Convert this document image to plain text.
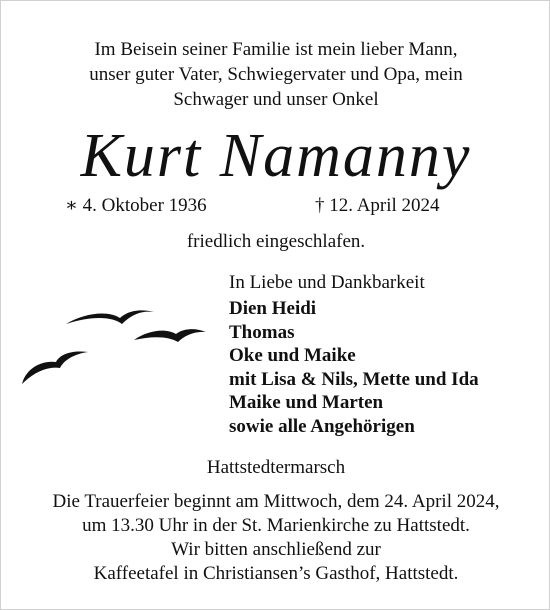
Im Beisein seiner Familie ist mein lieber Mann,
unser guter Vater, Schwiegervater und Opa, mein
Schwager und unser Onkel
Kurt Namanny
∗ 4. Oktober 1936	† 12. April 2024
friedlich eingeschlafen.
In Liebe und Dankbarkeit
Dien Heidi
Thomas
Oke und Maike
mit Lisa & Nils, Mette und Ida
Maike und Marten
sowie alle Angehörigen
Hattstedtermarsch
Die Trauerfeier beginnt am Mittwoch, dem 24. April 2024,
um 13.30 Uhr in der St. Marienkirche zu Hattstedt.
Wir bitten anschließend zur
Kaffeetafel in Christiansen’s Gasthof, Hattstedt.
